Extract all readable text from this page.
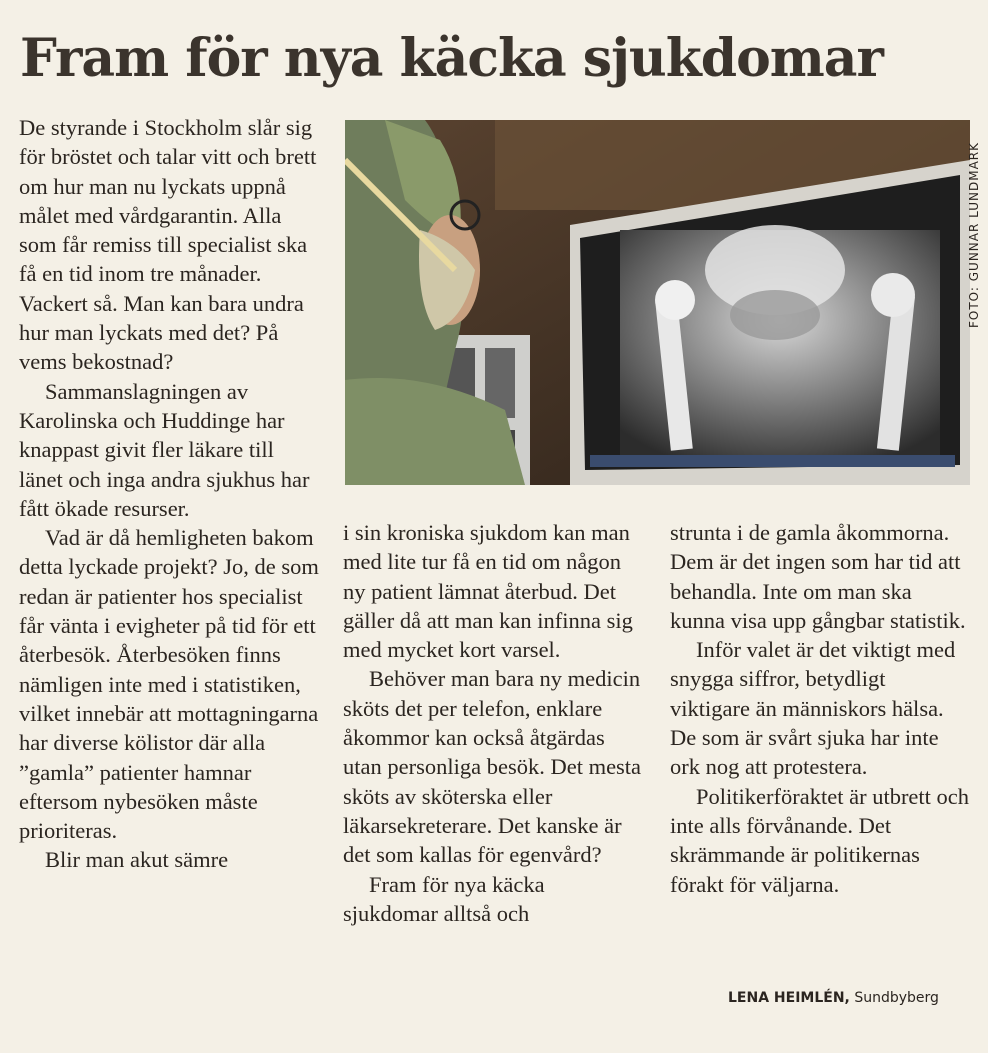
Fram för nya käcka sjukdomar

De styrande i Stockholm slår sig för bröstet och talar vitt och brett om hur man nu lyckats uppnå målet med vårdgarantin. Alla som får remiss till specialist ska få en tid inom tre månader. Vackert så. Man kan bara undra hur man lyckats med det? På vems bekostnad?

Sammanslagningen av Karolinska och Huddinge har knappast givit fler läkare till länet och inga andra sjukhus har fått ökade resurser.

Vad är då hemligheten bakom detta lyckade projekt? Jo, de som redan är patienter hos specialist får vänta i evigheter på tid för ett återbesök. Återbesöken finns nämligen inte med i statistiken, vilket innebär att mottagningarna har diverse kölistor där alla ”gamla” patienter hamnar eftersom nybesöken måste prioriteras.

Blir man akut sämre

FOTO: GUNNAR LUNDMARK

i sin kroniska sjukdom kan man med lite tur få en tid om någon ny patient lämnat återbud. Det gäller då att man kan infinna sig med mycket kort varsel.

Behöver man bara ny medicin sköts det per telefon, enklare åkommor kan också åtgärdas utan personliga besök. Det mesta sköts av sköterska eller läkarsekreterare. Det kanske är det som kallas för egenvård?

Fram för nya käcka sjukdomar alltså och

strunta i de gamla åkommorna. Dem är det ingen som har tid att behandla. Inte om man ska kunna visa upp gångbar statistik.

Inför valet är det viktigt med snygga siffror, betydligt viktigare än människors hälsa. De som är svårt sjuka har inte ork nog att protestera.

Politikerföraktet är utbrett och inte alls förvånande. Det skrämmande är politikernas förakt för väljarna.

LENA HEIMLÉN, Sundbyberg
